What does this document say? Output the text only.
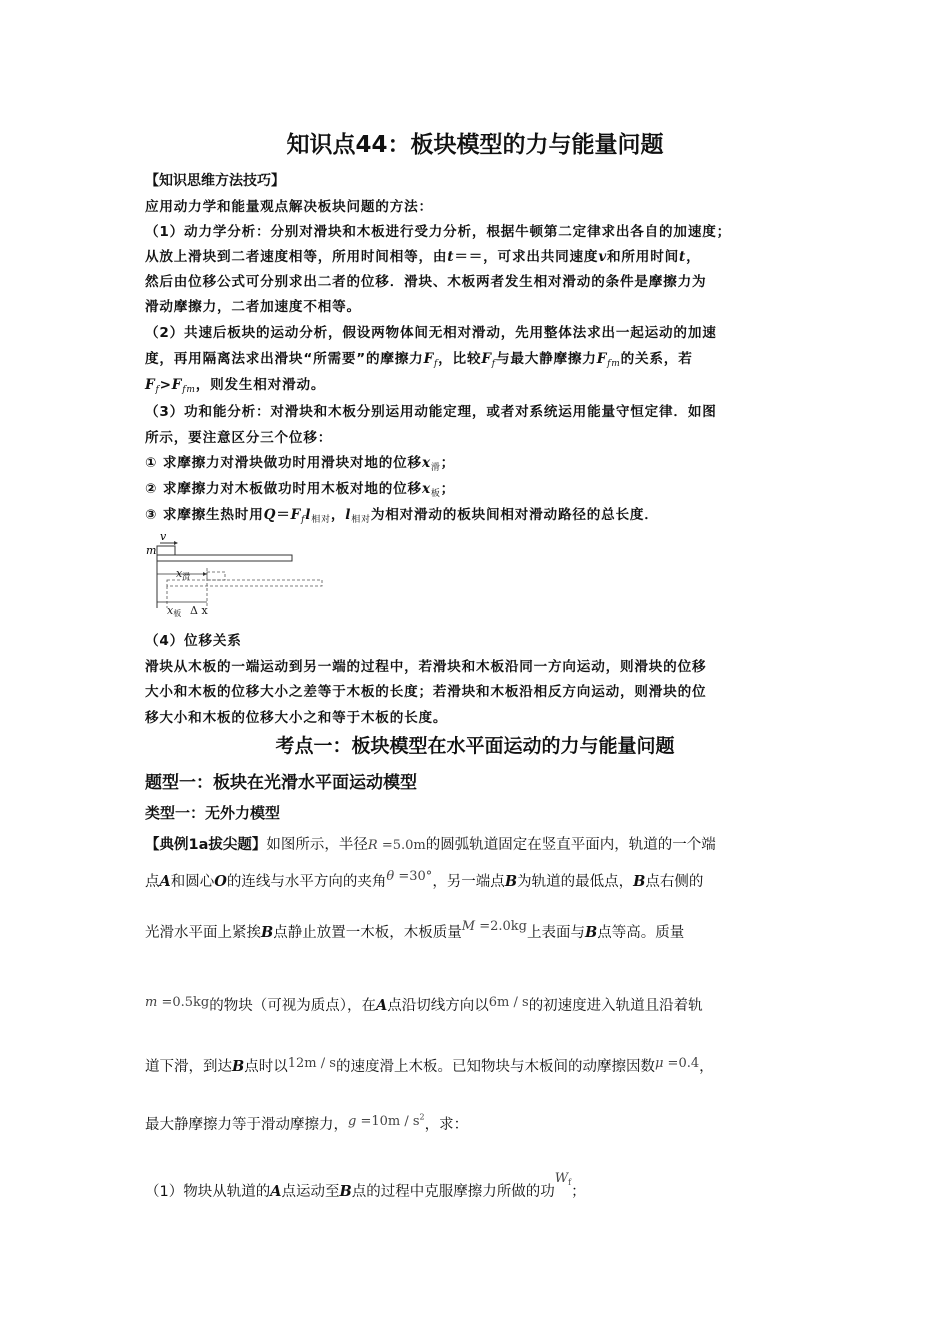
知识点44：板块模型的力与能量问题
【知识思维方法技巧】
应用动力学和能量观点解决板块问题的方法：
（1）动力学分析：分别对滑块和木板进行受力分析，根据牛顿第二定律求出各自的加速度；
从放上滑块到二者速度相等，所用时间相等，由t＝＝，可求出共同速度v和所用时间t，
然后由位移公式可分别求出二者的位移．滑块、木板两者发生相对滑动的条件是摩擦力为
滑动摩擦力，二者加速度不相等。
（2）共速后板块的运动分析，假设两物体间无相对滑动，先用整体法求出一起运动的加速
度，再用隔离法求出滑块“所需要”的摩擦力$F_f$，比较$F_f$与最大静摩擦力$F_{fm}$的关系，若
$F_f>F_{fm}$，则发生相对滑动。
（3）功和能分析：对滑块和木板分别运用动能定理，或者对系统运用能量守恒定律．如图
所示，要注意区分三个位移：
① 求摩擦力对滑块做功时用滑块对地的位移$x_滑$；
② 求摩擦力对木板做功时用木板对地的位移$x_板$；
③ 求摩擦生热时用$Q=F_fl_{相对}$，$l_{相对}$为相对滑动的板块间相对滑动路径的总长度．
v
m
x滑
x板 Δ x
（4）位移关系
滑块从木板的一端运动到另一端的过程中，若滑块和木板沿同一方向运动，则滑块的位移
大小和木板的位移大小之差等于木板的长度；若滑块和木板沿相反方向运动，则滑块的位
移大小和木板的位移大小之和等于木板的长度。
考点一：板块模型在水平面运动的力与能量问题
题型一：板块在光滑水平面运动模型
类型一：无外力模型
【典例1a拔尖题】如图所示，半径R =5.0m的圆弧轨道固定在竖直平面内，轨道的一个端
点A和圆心O的连线与水平方向的夹角θ =30°，另一端点B为轨道的最低点，B点右侧的
光滑水平面上紧挨B点静止放置一木板，木板质量M =2.0kg上表面与B点等高。质量
m =0.5kg的物块（可视为质点），在A点沿切线方向以6m / s的初速度进入轨道且沿着轨
道下滑，到达B点时以12m / s的速度滑上木板。已知物块与木板间的动摩擦因数μ =0.4，
最大静摩擦力等于滑动摩擦力，$g =10m / s^2$，求：
（1）物块从轨道的A点运动至B点的过程中克服摩擦力所做的功$W_f$；
